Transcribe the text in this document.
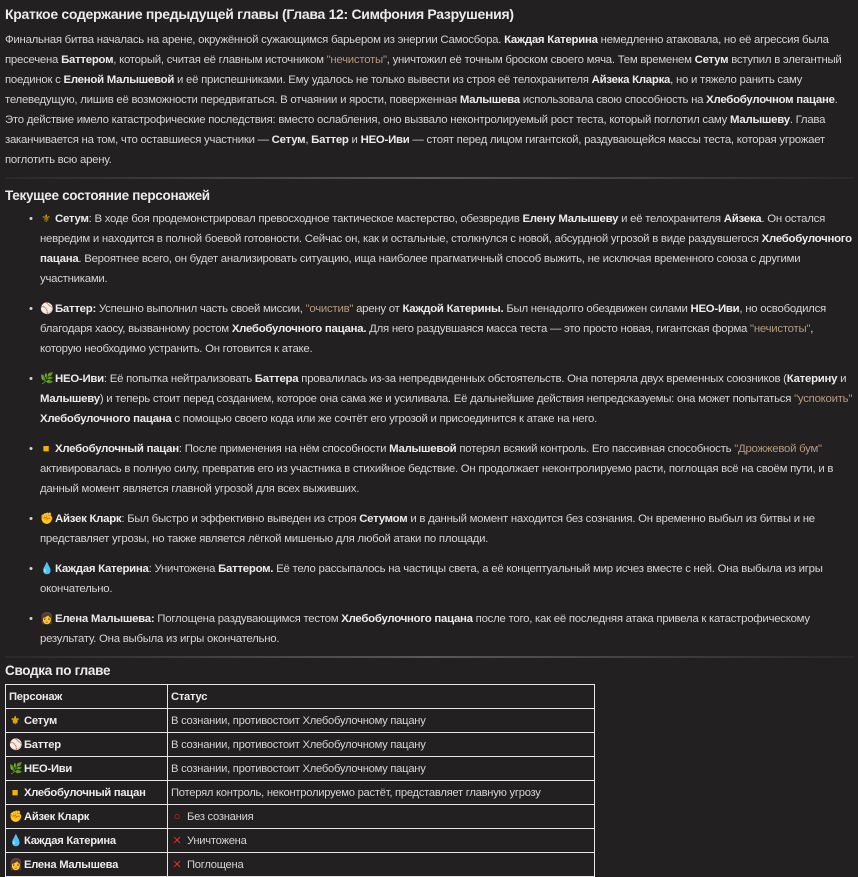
Краткое содержание предыдущей главы (Глава 12: Симфония Разрушения)

Финальная битва началась на арене, окружённой сужающимся барьером из энергии Самосбора. Каждая Катерина немедленно атаковала, но её агрессия была пресечена Баттером, который, считая её главным источником "нечистоты", уничтожил её точным броском своего мяча. Тем временем Сетум вступил в элегантный поединок с Еленой Малышевой и её приспешниками. Ему удалось не только вывести из строя её телохранителя Айзека Кларка, но и тяжело ранить саму телеведущую, лишив её возможности передвигаться. В отчаянии и ярости, поверженная Малышева использовала свою способность на Хлебобулочном пацане. Это действие имело катастрофические последствия: вместо ослабления, оно вызвало неконтролируемый рост теста, который поглотил саму Малышеву. Глава заканчивается на том, что оставшиеся участники — Сетум, Баттер и НЕО-Иви — стоят перед лицом гигантской, раздувающейся массы теста, которая угрожает поглотить всю арену.

Текущее состояние персонажей
• ⚜ Сетум: В ходе боя продемонстрировал превосходное тактическое мастерство, обезвредив Елену Малышеву и её телохранителя Айзека. Он остался невредим и находится в полной боевой готовности. Сейчас он, как и остальные, столкнулся с новой, абсурдной угрозой в виде раздувшегося Хлебобулочного пацана. Вероятнее всего, он будет анализировать ситуацию, ища наиболее прагматичный способ выжить, не исключая временного союза с другими участниками.
• ⚾ Баттер: Успешно выполнил часть своей миссии, "очистив" арену от Каждой Катерины. Был ненадолго обездвижен силами НЕО-Иви, но освободился благодаря хаосу, вызванному ростом Хлебобулочного пацана. Для него раздувшаяся масса теста — это просто новая, гигантская форма "нечистоты", которую необходимо устранить. Он готовится к атаке.
• 🌿 НЕО-Иви: Её попытка нейтрализовать Баттера провалилась из-за непредвиденных обстоятельств. Она потеряла двух временных союзников (Катерину и Малышеву) и теперь стоит перед созданием, которое она сама же и усиливала. Её дальнейшие действия непредсказуемы: она может попытаться "успокоить" Хлебобулочного пацана с помощью своего кода или же сочтёт его угрозой и присоединится к атаке на него.
• ■ Хлебобулочный пацан: После применения на нём способности Малышевой потерял всякий контроль. Его пассивная способность "Дрожжевой бум" активировалась в полную силу, превратив его из участника в стихийное бедствие. Он продолжает неконтролируемо расти, поглощая всё на своём пути, и в данный момент является главной угрозой для всех выживших.
• ✊ Айзек Кларк: Был быстро и эффективно выведен из строя Сетумом и в данный момент находится без сознания. Он временно выбыл из битвы и не представляет угрозы, но также является лёгкой мишенью для любой атаки по площади.
• 💧 Каждая Катерина: Уничтожена Баттером. Её тело рассыпалось на частицы света, а её концептуальный мир исчез вместе с ней. Она выбыла из игры окончательно.
• 👩 Елена Малышева: Поглощена раздувающимся тестом Хлебобулочного пацана после того, как её последняя атака привела к катастрофическому результату. Она выбыла из игры окончательно.
Сводка по главе
Персонаж	Статус
⚜ Сетум	В сознании, противостоит Хлебобулочному пацану
⚾ Баттер	В сознании, противостоит Хлебобулочному пацану
🌿 НЕО-Иви	В сознании, противостоит Хлебобулочному пацану
■ Хлебобулочный пацан	Потерял контроль, неконтролируемо растёт, представляет главную угрозу
✊ Айзек Кларк	○ Без сознания
💧 Каждая Катерина	✕ Уничтожена
👩 Елена Малышева	✕ Поглощена
